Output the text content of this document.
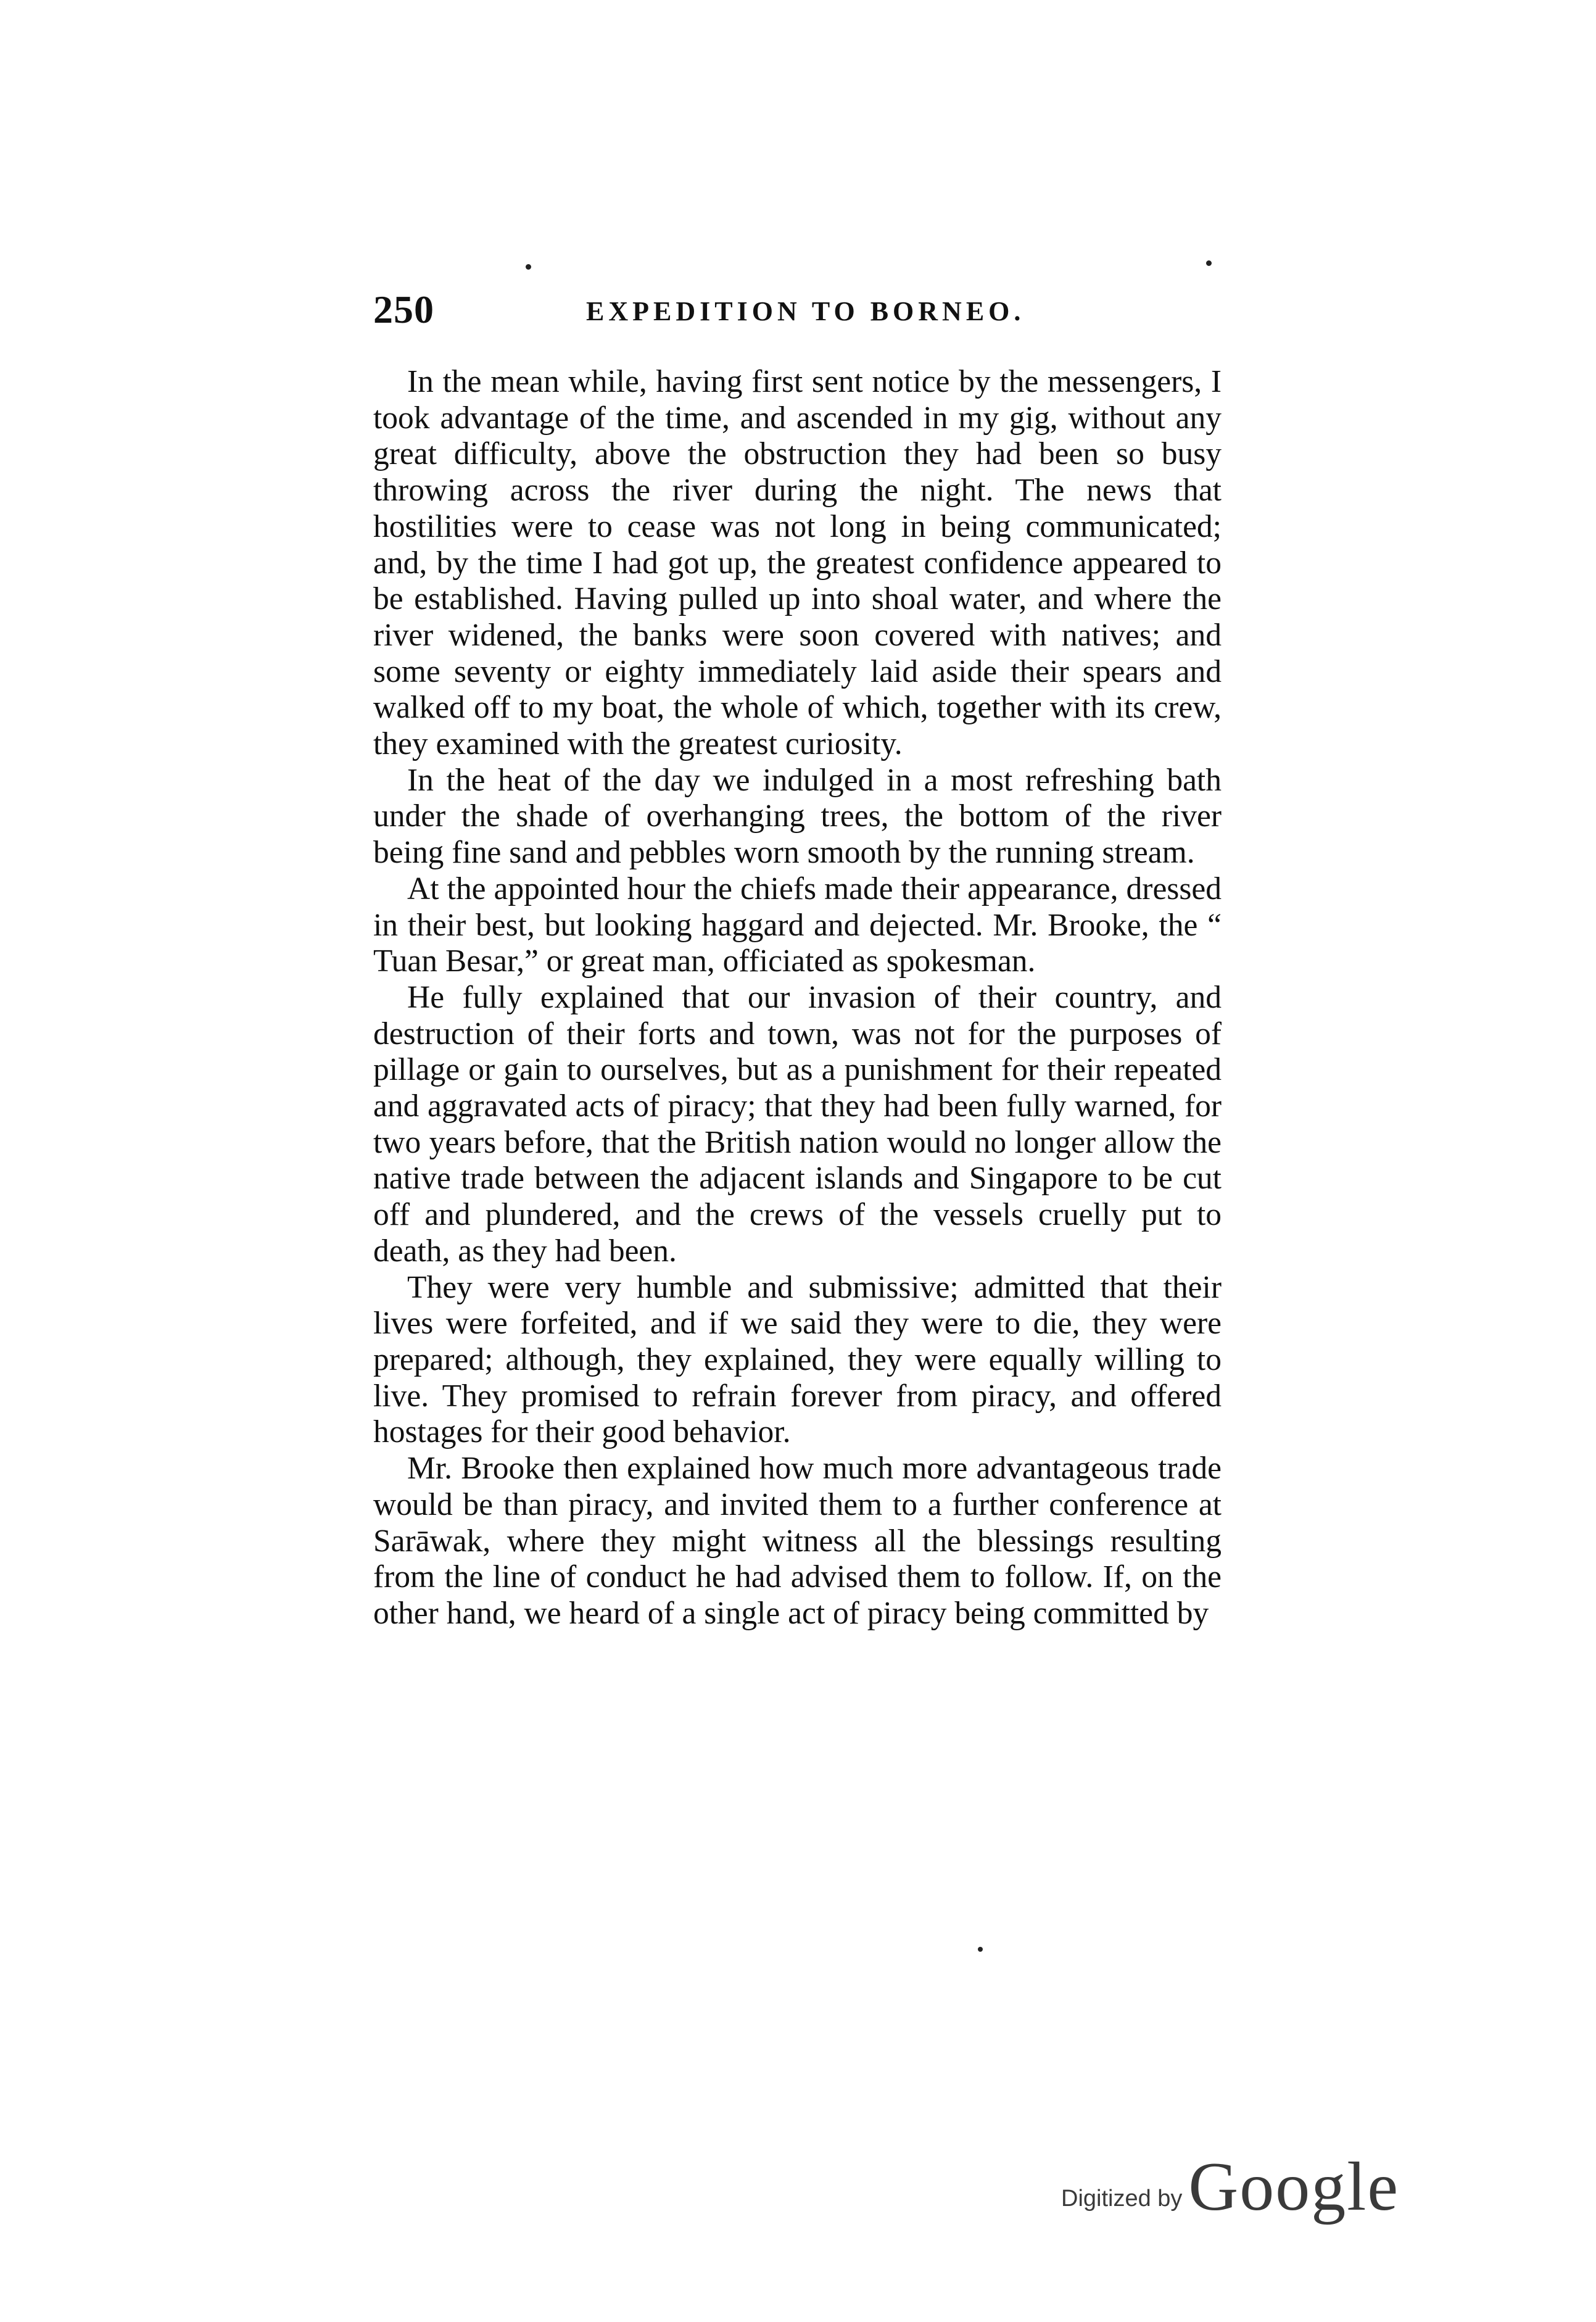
250	EXPEDITION TO BORNEO.

In the mean while, having first sent notice by the messengers, I took advantage of the time, and ascended in my gig, without any great difficulty, above the obstruction they had been so busy throwing across the river during the night. The news that hostilities were to cease was not long in being communicated; and, by the time I had got up, the greatest confidence appeared to be established. Having pulled up into shoal water, and where the river widened, the banks were soon covered with natives; and some seventy or eighty immediately laid aside their spears and walked off to my boat, the whole of which, together with its crew, they examined with the greatest curiosity.

In the heat of the day we indulged in a most refreshing bath under the shade of overhanging trees, the bottom of the river being fine sand and pebbles worn smooth by the running stream.

At the appointed hour the chiefs made their appearance, dressed in their best, but looking haggard and dejected. Mr. Brooke, the “ Tuan Besar,” or great man, officiated as spokesman.

He fully explained that our invasion of their country, and destruction of their forts and town, was not for the purposes of pillage or gain to ourselves, but as a punishment for their repeated and aggravated acts of piracy; that they had been fully warned, for two years before, that the British nation would no longer allow the native trade between the adjacent islands and Singapore to be cut off and plundered, and the crews of the vessels cruelly put to death, as they had been.

They were very humble and submissive; admitted that their lives were forfeited, and if we said they were to die, they were prepared; although, they explained, they were equally willing to live. They promised to refrain forever from piracy, and offered hostages for their good behavior.

Mr. Brooke then explained how much more advantageous trade would be than piracy, and invited them to a further conference at Sarāwak, where they might witness all the blessings resulting from the line of conduct he had advised them to follow. If, on the other hand, we heard of a single act of piracy being committed by

Digitized by Google
